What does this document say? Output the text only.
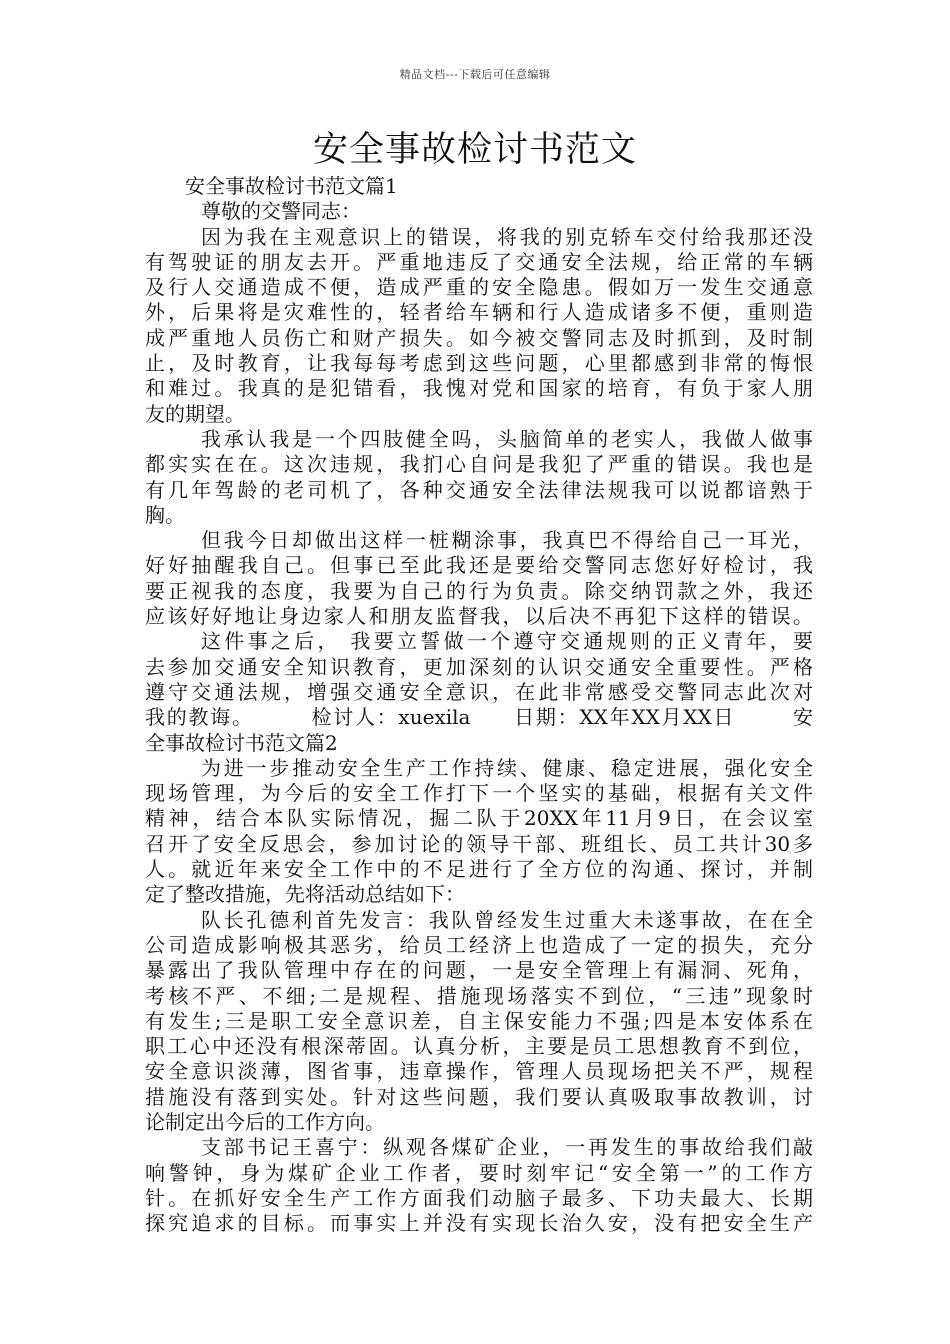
精品文档---下载后可任意编辑
安全事故检讨书范文
安全事故检讨书范文篇1
尊敬的交警同志：
因为我在主观意识上的错误，将我的别克轿车交付给我那还没
有驾驶证的朋友去开。严重地违反了交通安全法规，给正常的车辆
及行人交通造成不便，造成严重的安全隐患。假如万一发生交通意
外，后果将是灾难性的，轻者给车辆和行人造成诸多不便，重则造
成严重地人员伤亡和财产损失。如今被交警同志及时抓到，及时制
止，及时教育，让我每每考虑到这些问题，心里都感到非常的悔恨
和难过。我真的是犯错看，我愧对党和国家的培育，有负于家人朋
友的期望。
我承认我是一个四肢健全吗，头脑简单的老实人，我做人做事
都实实在在。这次违规，我扪心自问是我犯了严重的错误。我也是
有几年驾龄的老司机了，各种交通安全法律法规我可以说都谙熟于
胸。
但我今日却做出这样一桩糊涂事，我真巴不得给自己一耳光，
好好抽醒我自己。但事已至此我还是要给交警同志您好好检讨，我
要正视我的态度，我要为自己的行为负责。除交纳罚款之外，我还
应该好好地让身边家人和朋友监督我，以后决不再犯下这样的错误。
这件事之后， 我要立誓做一个遵守交通规则的正义青年，要
去参加交通安全知识教育，更加深刻的认识交通安全重要性。严格
遵守交通法规，增强交通安全意识，在此非常感受交警同志此次对
我的教诲。	检讨人：xuexila 日期：XX年XX月XX日	安
全事故检讨书范文篇2
为进一步推动安全生产工作持续、健康、稳定进展，强化安全
现场管理，为今后的安全工作打下一个坚实的基础，根据有关文件
精神，结合本队实际情况，掘二队于20XX年11月9日，在会议室
召开了安全反思会，参加讨论的领导干部、班组长、员工共计30多
人。就近年来安全工作中的不足进行了全方位的沟通、探讨，并制
定了整改措施，先将活动总结如下：
队长孔德利首先发言：我队曾经发生过重大未遂事故，在在全
公司造成影响极其恶劣，给员工经济上也造成了一定的损失，充分
暴露出了我队管理中存在的问题，一是安全管理上有漏洞、死角，
考核不严、不细;二是规程、措施现场落实不到位，“三违”现象时
有发生;三是职工安全意识差，自主保安能力不强;四是本安体系在
职工心中还没有根深蒂固。认真分析，主要是员工思想教育不到位，
安全意识淡薄，图省事，违章操作，管理人员现场把关不严，规程
措施没有落到实处。针对这些问题，我们要认真吸取事故教训，讨
论制定出今后的工作方向。
支部书记王喜宁：纵观各煤矿企业，一再发生的事故给我们敲
响警钟，身为煤矿企业工作者，要时刻牢记“安全第一”的工作方
针。在抓好安全生产工作方面我们动脑子最多、下功夫最大、长期
探究追求的目标。而事实上并没有实现长治久安，没有把安全生产
